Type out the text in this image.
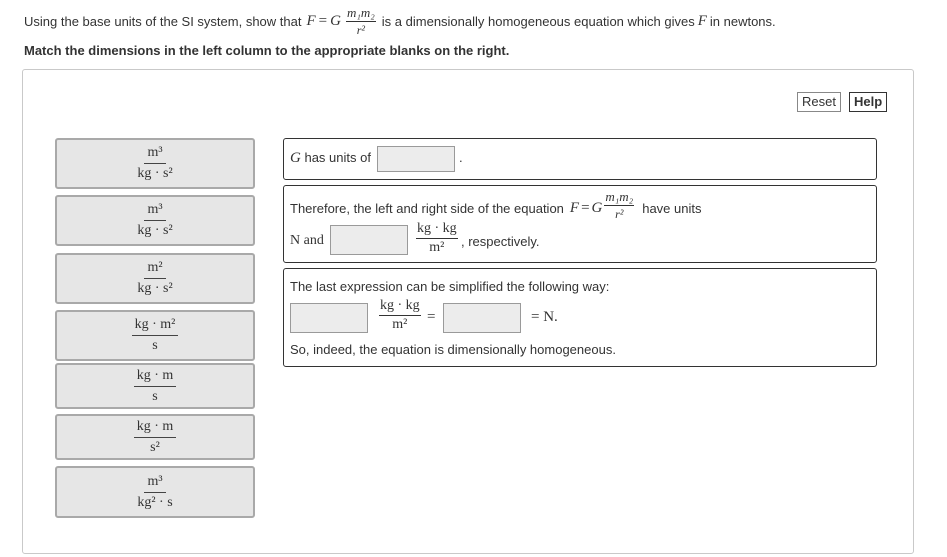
Using the base units of the SI system, show that F = G $\frac{\text{m₁m₂}}{\text{r²}}$ is a dimensionally homogeneous equation which gives F in newtons.
Match the dimensions in the left column to the appropriate blanks on the right.
Reset	Help
$\frac{\text{m³}}{\text{kg · s²}}$
$\frac{\text{m³}}{\text{kg · s²}}$
$\frac{\text{m²}}{\text{kg · s²}}$
$\frac{\text{kg · m²}}{s}$
$\frac{kg \cdot m}{s}$
$\frac{kg \cdot m}{\text{s²}}$
$\frac{\text{m³}}{\text{kg² · s}}$
G has units of	.
Therefore, the left and right side of the equation F = G $\frac{\text{m₁m₂}}{\text{r²}}$ have units
N and	$\frac{kg \cdot kg}{\text{m²}}$ , respectively.
The last expression can be simplified the following way:
$\frac{kg \cdot kg}{\text{m²}}$ =	= N.
So, indeed, the equation is dimensionally homogeneous.
